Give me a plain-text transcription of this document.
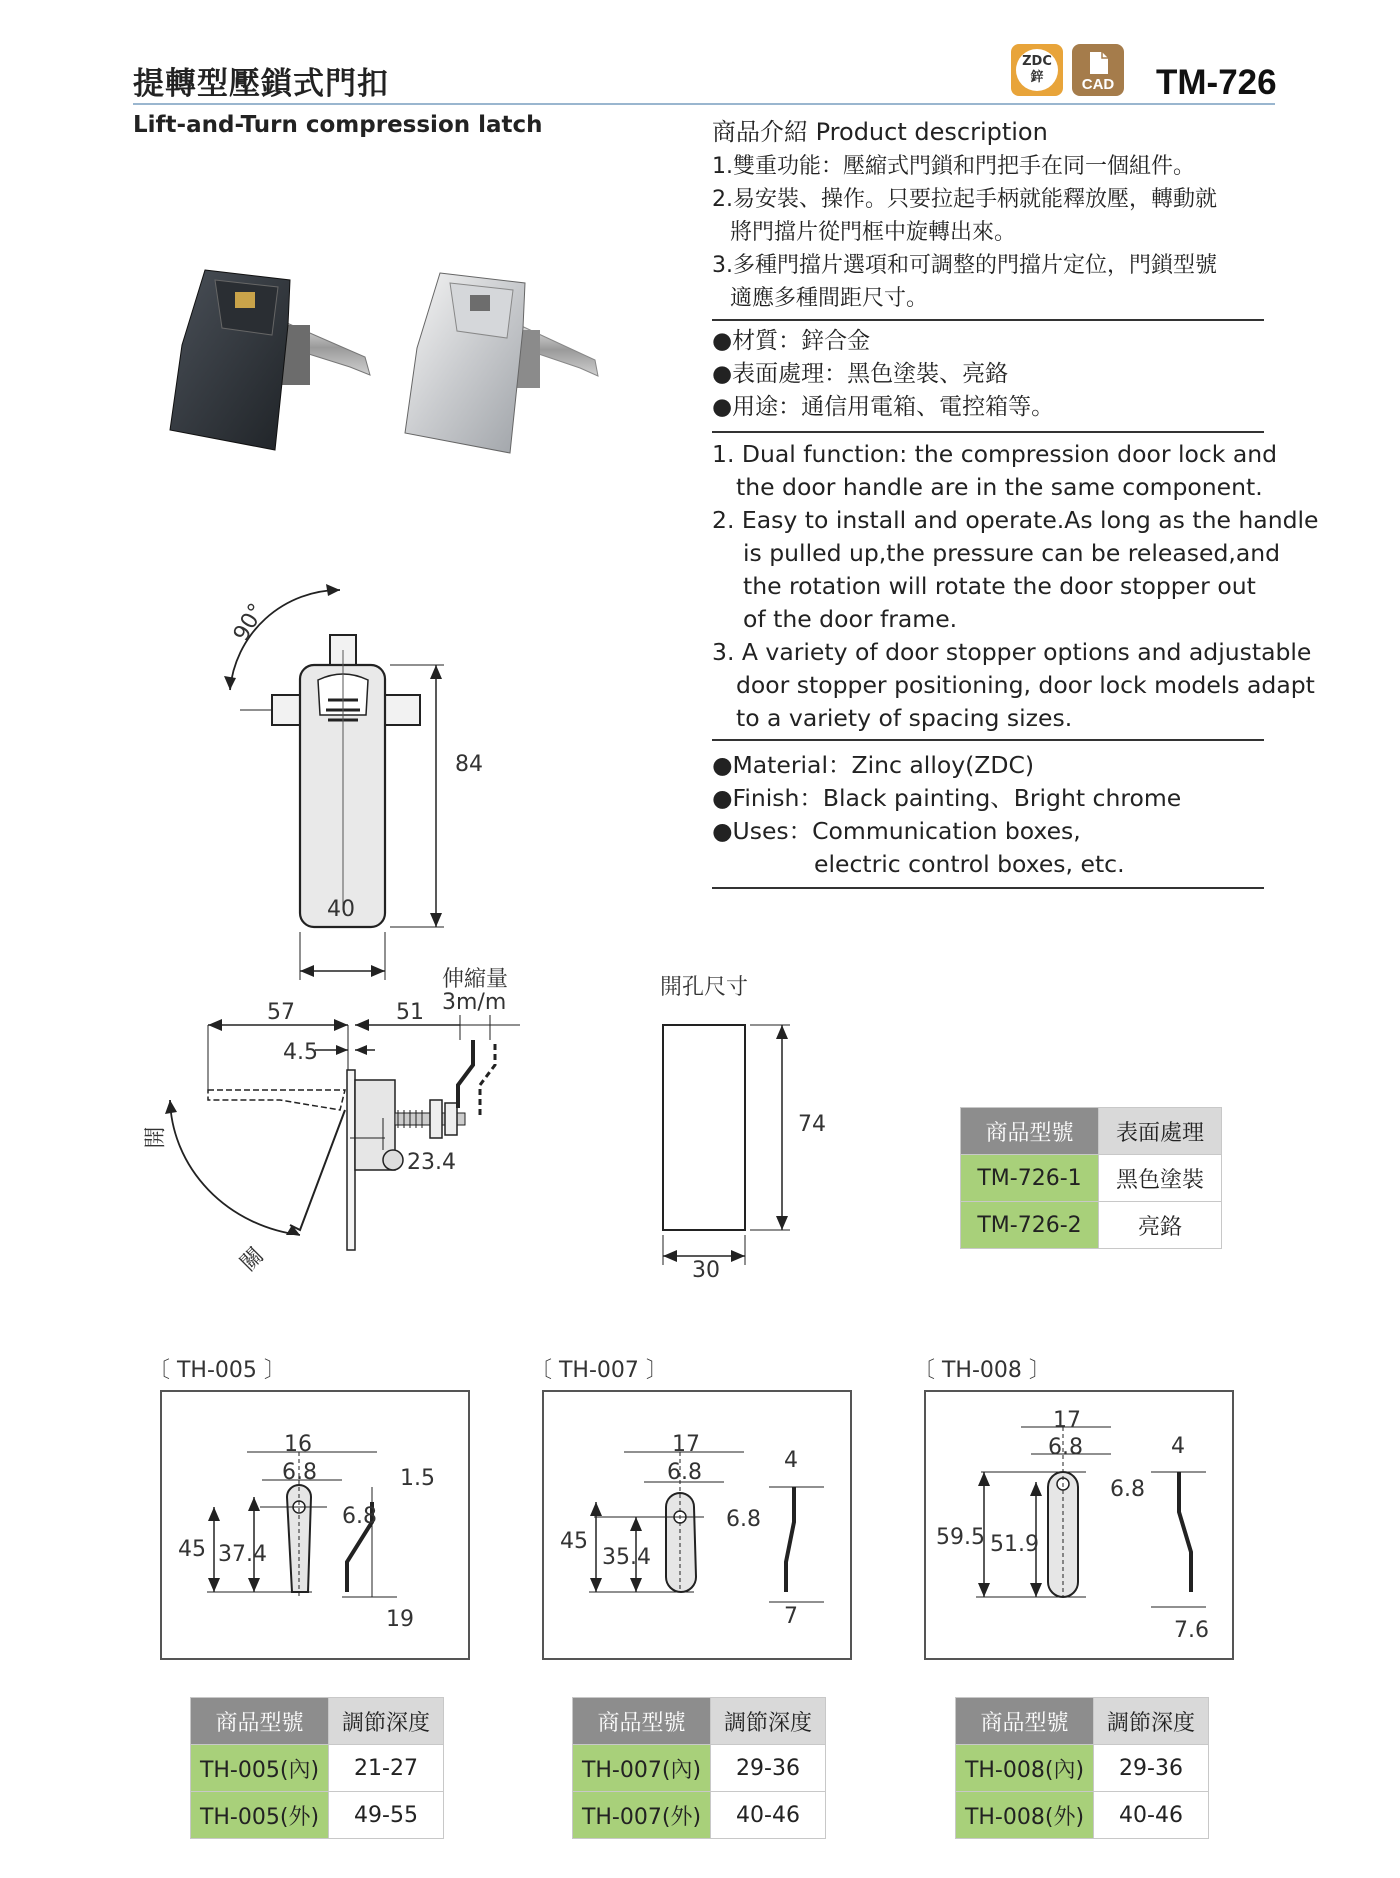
提轉型壓鎖式門扣
Lift-and-Turn compression latch
ZDC
鋅	CAD TM-726
90°
84
40
商品介紹 Product description
1.雙重功能：壓縮式門鎖和門把手在同一個組件。
2.易安裝、操作。只要拉起手柄就能釋放壓，轉動就
將門擋片從門框中旋轉出來。
3.多種門擋片選項和可調整的門擋片定位，門鎖型號
適應多種間距尺寸。
●材質：鋅合金
●表面處理：黑色塗裝、亮鉻
●用途：通信用電箱、電控箱等。
1. Dual function: the compression door lock and
the door handle are in the same component.
2. Easy to install and operate.As long as the handle
is pulled up,the pressure can be released,and
the rotation will rotate the door stopper out
of the door frame.
3. A variety of door stopper options and adjustable
door stopper positioning, door lock models adapt
to a variety of spacing sizes.
●Material：Zinc alloy(ZDC)
●Finish：Black painting、Bright chrome
●Uses：Communication boxes,
electric control boxes, etc.
57	51
伸縮量
3m/m
4.5
23.4
開
關
開孔尺寸
74
30
商品型號	表面處理
TM-726-1	黑色塗裝
TM-726-2	亮鉻
〔 TH-005 〕
16
6.8
6.8
45 37.4
1.5
19
商品型號	調節深度
TH-005(內)	21-27
TH-005(外)	49-55
〔 TH-007 〕
17
6.8
6.8
45
35.4
4
7
商品型號	調節深度
TH-007(內)	29-36
TH-007(外)	40-46
〔 TH-008 〕
17
6.8
6.8
59.5 51.9
4
7.6
商品型號	調節深度
TH-008(內)	29-36
TH-008(外)	40-46
